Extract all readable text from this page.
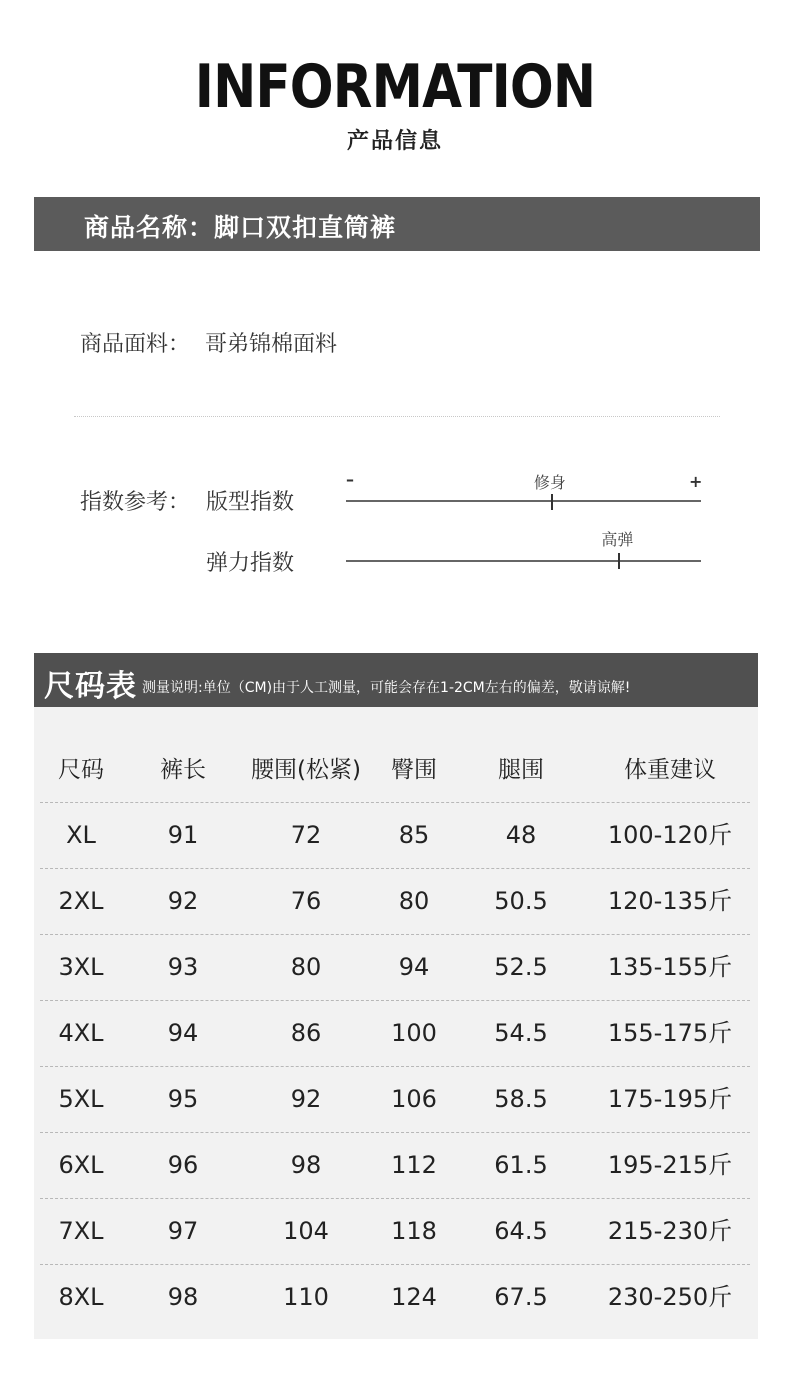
INFORMATION
产品信息
商品名称：脚口双扣直筒裤
商品面料： 哥弟锦棉面料
指数参考： 版型指数
–	+
修身
弹力指数
高弹
尺码表 测量说明:单位（CM)由于人工测量，可能会存在1-2CM左右的偏差，敬请谅解!
尺码	裤长	腰围(松紧)	臀围	腿围	体重建议
XL	91	72	85	48	100-120斤
2XL	92	76	80	50.5	120-135斤
3XL	93	80	94	52.5	135-155斤
4XL	94	86	100	54.5	155-175斤
5XL	95	92	106	58.5	175-195斤
6XL	96	98	112	61.5	195-215斤
7XL	97	104	118	64.5	215-230斤
8XL	98	110	124	67.5	230-250斤
